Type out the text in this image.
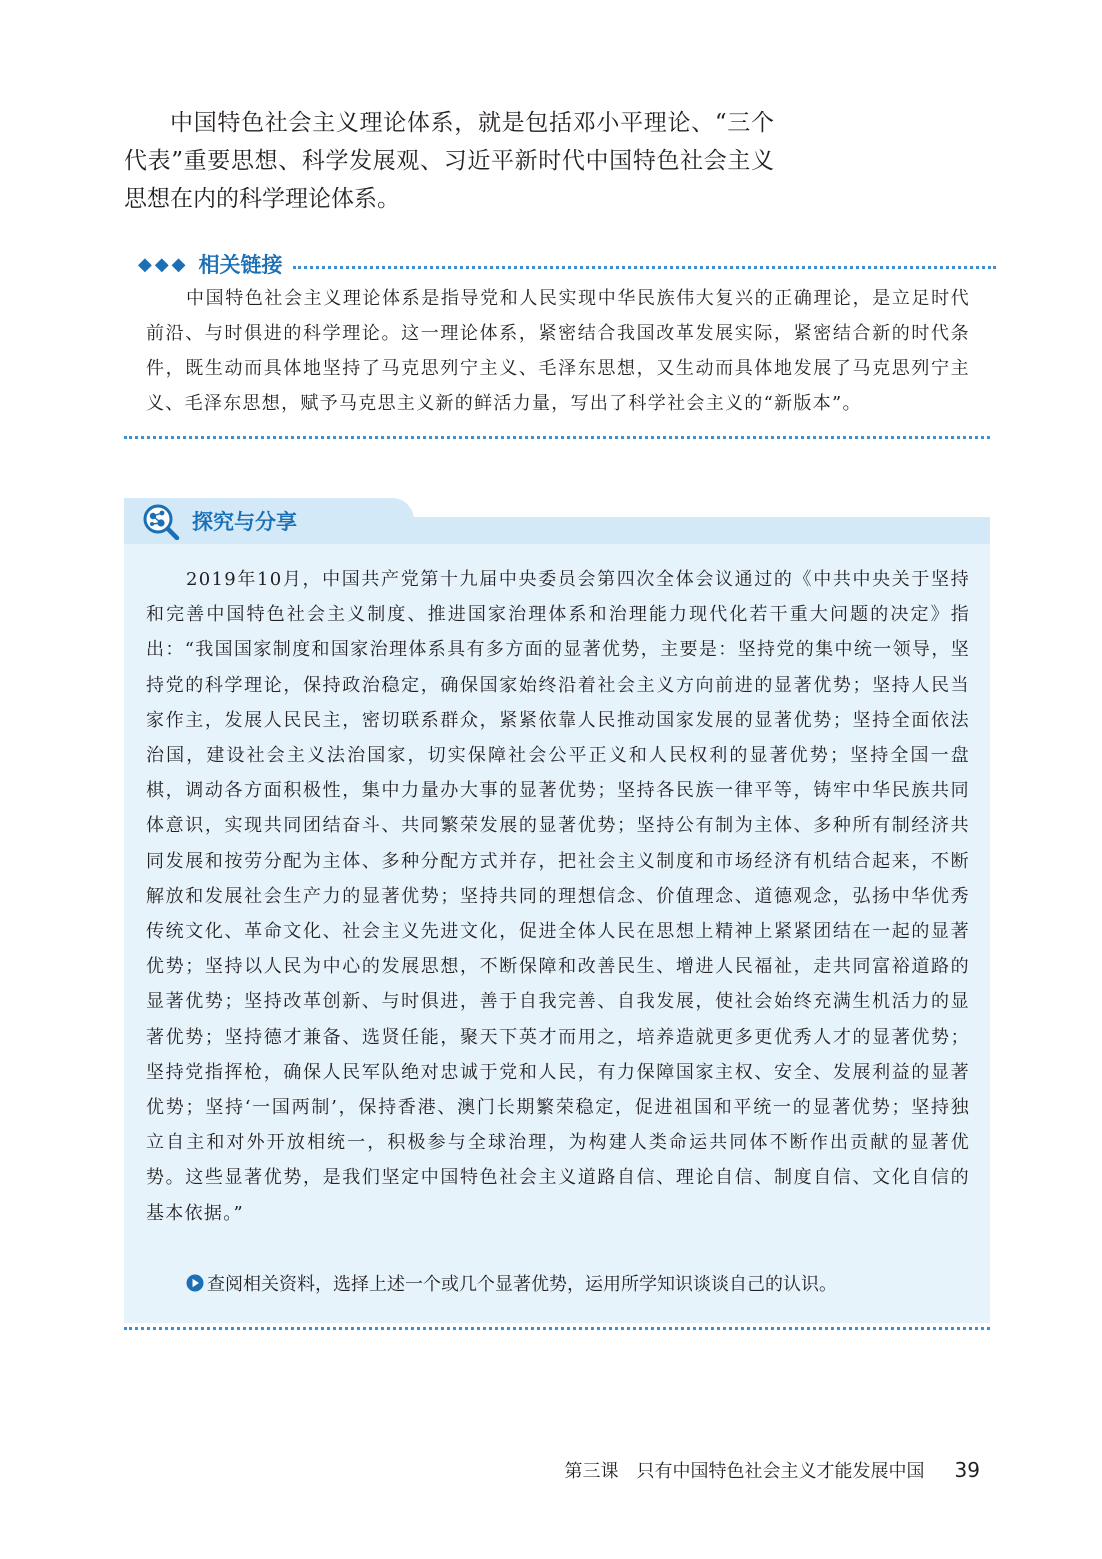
中国特色社会主义理论体系，就是包括邓小平理论、“三个代表”重要思想、科学发展观、习近平新时代中国特色社会主义思想在内的科学理论体系。

◆◆◆ 相关链接

中国特色社会主义理论体系是指导党和人民实现中华民族伟大复兴的正确理论，是立足时代前沿、与时俱进的科学理论。这一理论体系，紧密结合我国改革发展实际，紧密结合新的时代条件，既生动而具体地坚持了马克思列宁主义、毛泽东思想，又生动而具体地发展了马克思列宁主义、毛泽东思想，赋予马克思主义新的鲜活力量，写出了科学社会主义的“新版本”。

探究与分享

2019年10月，中国共产党第十九届中央委员会第四次全体会议通过的《中共中央关于坚持和完善中国特色社会主义制度、推进国家治理体系和治理能力现代化若干重大问题的决定》指出：“我国国家制度和国家治理体系具有多方面的显著优势，主要是：坚持党的集中统一领导，坚持党的科学理论，保持政治稳定，确保国家始终沿着社会主义方向前进的显著优势；坚持人民当家作主，发展人民民主，密切联系群众，紧紧依靠人民推动国家发展的显著优势；坚持全面依法治国，建设社会主义法治国家，切实保障社会公平正义和人民权利的显著优势；坚持全国一盘棋，调动各方面积极性，集中力量办大事的显著优势；坚持各民族一律平等，铸牢中华民族共同体意识，实现共同团结奋斗、共同繁荣发展的显著优势；坚持公有制为主体、多种所有制经济共同发展和按劳分配为主体、多种分配方式并存，把社会主义制度和市场经济有机结合起来，不断解放和发展社会生产力的显著优势；坚持共同的理想信念、价值理念、道德观念，弘扬中华优秀传统文化、革命文化、社会主义先进文化，促进全体人民在思想上精神上紧紧团结在一起的显著优势；坚持以人民为中心的发展思想，不断保障和改善民生、增进人民福祉，走共同富裕道路的显著优势；坚持改革创新、与时俱进，善于自我完善、自我发展，使社会始终充满生机活力的显著优势；坚持德才兼备、选贤任能，聚天下英才而用之，培养造就更多更优秀人才的显著优势；坚持党指挥枪，确保人民军队绝对忠诚于党和人民，有力保障国家主权、安全、发展利益的显著优势；坚持‘一国两制’，保持香港、澳门长期繁荣稳定，促进祖国和平统一的显著优势；坚持独立自主和对外开放相统一，积极参与全球治理，为构建人类命运共同体不断作出贡献的显著优势。这些显著优势，是我们坚定中国特色社会主义道路自信、理论自信、制度自信、文化自信的基本依据。”

查阅相关资料，选择上述一个或几个显著优势，运用所学知识谈谈自己的认识。
第三课　只有中国特色社会主义才能发展中国 39
